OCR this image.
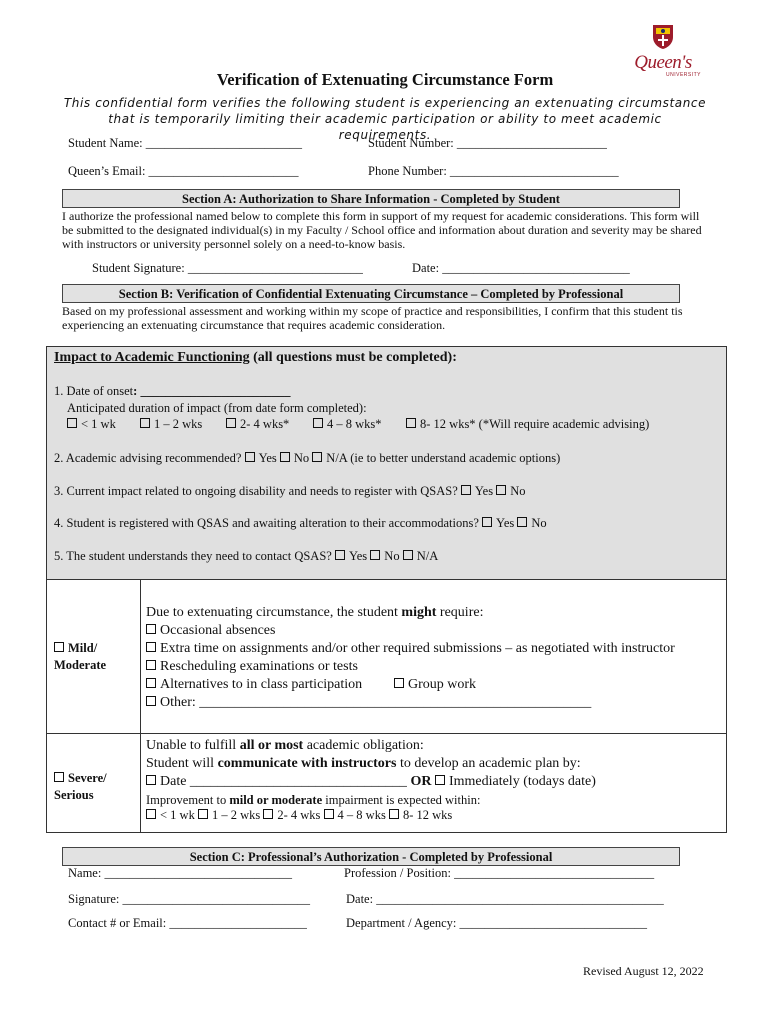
Queen's
UNIVERSITY
Verification of Extenuating Circumstance Form
This confidential form verifies the following student is experiencing an extenuating circumstance that is temporarily limiting their academic participation or ability to meet academic requirements.
Student Name: _________________________	Student Number: ________________________
Queen’s Email: ________________________	Phone Number: ___________________________
Section A: Authorization to Share Information - Completed by Student
I authorize the professional named below to complete this form in support of my request for academic considerations. This form will be submitted to the designated individual(s) in my Faculty / School office and information about duration and severity may be shared with instructors or university personnel solely on a need-to-know basis.
Student Signature: ____________________________	Date: ______________________________
Section B: Verification of Confidential Extenuating Circumstance – Completed by Professional
Based on my professional assessment and working within my scope of practice and responsibilities, I confirm that this student tis experiencing an extenuating circumstance that requires academic consideration.
Impact to Academic Functioning (all questions must be completed):
1. Date of onset: ________________________
Anticipated duration of impact (from date form completed):
< 1 wk	1 – 2 wks	2- 4 wks*	4 – 8 wks*	8- 12 wks* (*Will require academic advising)
2. Academic advising recommended? Yes No N/A (ie to better understand academic options)
3. Current impact related to ongoing disability and needs to register with QSAS? Yes No
4. Student is registered with QSAS and awaiting alteration to their accommodations? Yes No
5. The student understands they need to contact QSAS? Yes No N/A
Mild/
Moderate
Due to extenuating circumstance, the student might require:
Occasional absences
Extra time on assignments and/or other required submissions – as negotiated with instructor
Rescheduling examinations or tests
Alternatives to in class participation	Group work
Other: ________________________________________________________
Severe/
Serious
Unable to fulfill all or most academic obligation:
Student will communicate with instructors to develop an academic plan by:
Date _______________________________ OR Immediately (todays date)
Improvement to mild or moderate impairment is expected within:
< 1 wk 1 – 2 wks 2- 4 wks 4 – 8 wks 8- 12 wks
Section C: Professional’s Authorization - Completed by Professional
Name: ______________________________	Profession / Position: ________________________________
Signature: ______________________________	Date: ______________________________________________
Contact # or Email: ______________________	Department / Agency: ______________________________
Revised August 12, 2022
